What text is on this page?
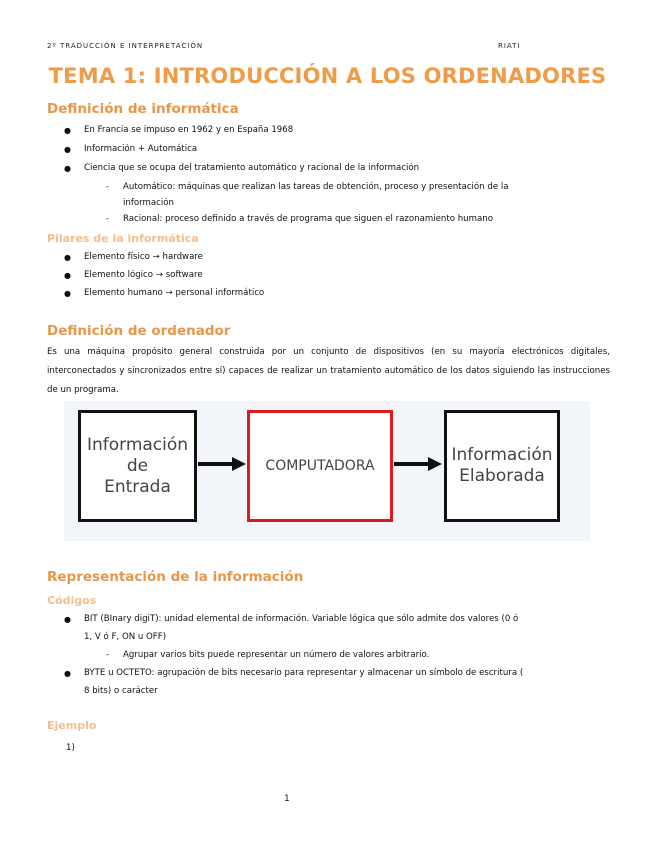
2º TRADUCCIÓN E INTERPRETACIÓN	RIATI
TEMA 1: INTRODUCCIÓN A LOS ORDENADORES
Definición de informática
● En Francia se impuso en 1962 y en España 1968
● Información + Automática
● Ciencia que se ocupa del tratamiento automático y racional de la información
- Automático: máquinas que realizan las tareas de obtención, proceso y presentación de la
información
- Racional: proceso definido a través de programa que siguen el razonamiento humano
Pilares de la informática
● Elemento físico → hardware
● Elemento lógico → software
● Elemento humano → personal informático
Definición de ordenador
Es una máquina propósito general construida por un conjunto de dispositivos (en su mayoría electrónicos digitales, interconectados y sincronizados entre sí) capaces de realizar un tratamiento automático de los datos siguiendo las instrucciones de un programa.
Información
de
Entrada
COMPUTADORA
Información
Elaborada
Representación de la información
Códigos
● BIT (BInary digiT): unidad elemental de información. Variable lógica que sólo admite dos valores (0 ó
1, V ó F, ON u OFF)
- Agrupar varios bits puede representar un número de valores arbitrario.
● BYTE u OCTETO: agrupación de bits necesario para representar y almacenar un símbolo de escritura (
8 bits) o carácter
Ejemplo
1)
1
